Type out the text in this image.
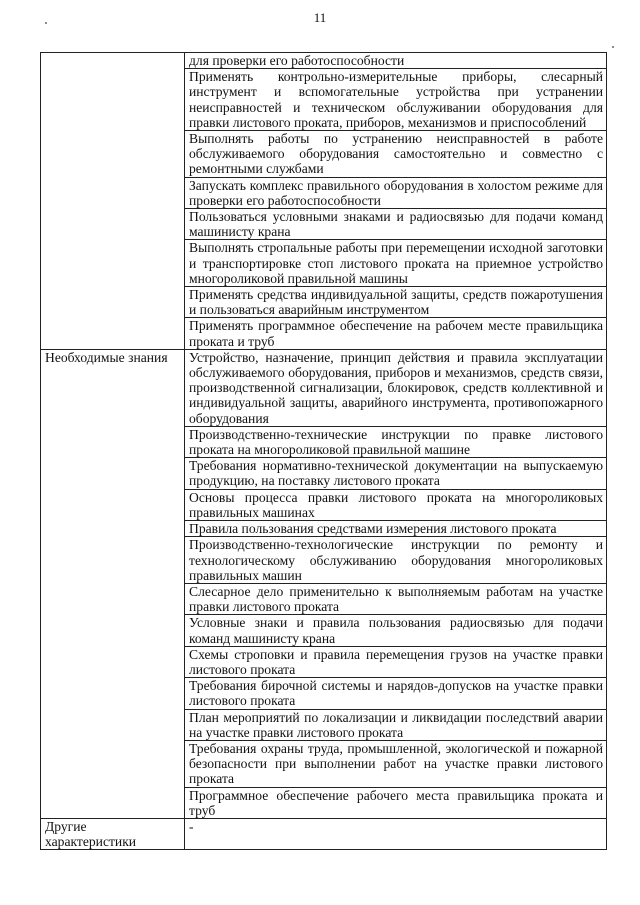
11
	для проверки его работоспособности
	Применять контрольно-измерительные приборы, слесарный инструмент и вспомогательные устройства при устранении неисправностей и техническом обслуживании оборудования для правки листового проката, приборов, механизмов и приспособлений
	Выполнять работы по устранению неисправностей в работе обслуживаемого оборудования самостоятельно и совместно с ремонтными службами
	Запускать комплекс правильного оборудования в холостом режиме для проверки его работоспособности
	Пользоваться условными знаками и радиосвязью для подачи команд машинисту крана
	Выполнять стропальные работы при перемещении исходной заготовки и транспортировке стоп листового проката на приемное устройство многороликовой правильной машины
	Применять средства индивидуальной защиты, средств пожаротушения и пользоваться аварийным инструментом
	Применять программное обеспечение на рабочем месте правильщика проката и труб
Необходимые знания	Устройство, назначение, принцип действия и правила эксплуатации обслуживаемого оборудования, приборов и механизмов, средств связи, производственной сигнализации, блокировок, средств коллективной и индивидуальной защиты, аварийного инструмента, противопожарного оборудования
	Производственно-технические инструкции по правке листового проката на многороликовой правильной машине
	Требования нормативно-технической документации на выпускаемую продукцию, на поставку листового проката
	Основы процесса правки листового проката на многороликовых правильных машинах
	Правила пользования средствами измерения листового проката
	Производственно-технологические инструкции по ремонту и технологическому обслуживанию оборудования многороликовых правильных машин
	Слесарное дело применительно к выполняемым работам на участке правки листового проката
	Условные знаки и правила пользования радиосвязью для подачи команд машинисту крана
	Схемы строповки и правила перемещения грузов на участке правки листового проката
	Требования бирочной системы и нарядов-допусков на участке правки листового проката
	План мероприятий по локализации и ликвидации последствий аварии на участке правки листового проката
	Требования охраны труда, промышленной, экологической и пожарной безопасности при выполнении работ на участке правки листового проката
	Программное обеспечение рабочего места правильщика проката и труб
Другие характеристики	-
